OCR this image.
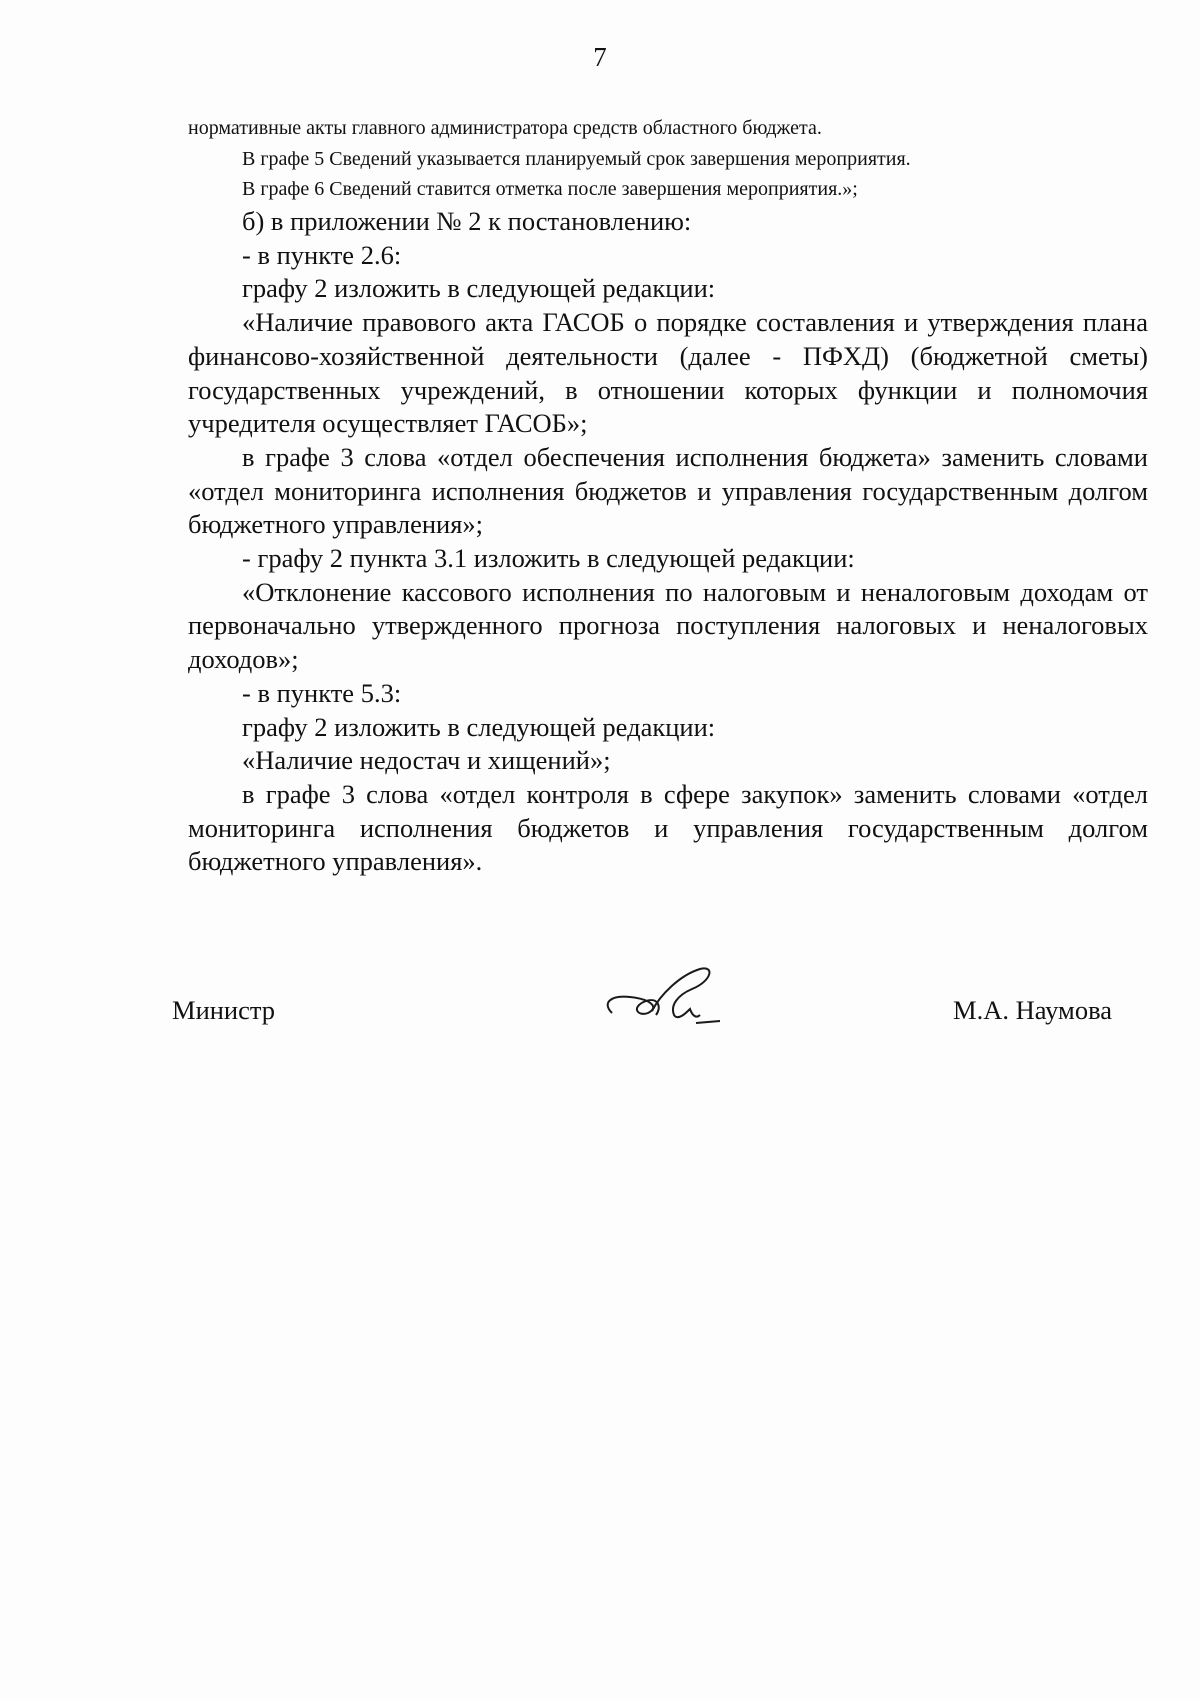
7
нормативные акты главного администратора средств областного бюджета.
В графе 5 Сведений указывается планируемый срок завершения мероприятия.
В графе 6 Сведений ставится отметка после завершения мероприятия.»;

б) в приложении № 2 к постановлению:

- в пункте 2.6:

графу 2 изложить в следующей редакции:

«Наличие правового акта ГАСОБ о порядке составления и утверждения плана финансово-хозяйственной деятельности (далее - ПФХД) (бюджетной сметы) государственных учреждений, в отношении которых функции и полномочия учредителя осуществляет ГАСОБ»;

в графе 3 слова «отдел обеспечения исполнения бюджета» заменить словами «отдел мониторинга исполнения бюджетов и управления государственным долгом бюджетного управления»;

- графу 2 пункта 3.1 изложить в следующей редакции:

«Отклонение кассового исполнения по налоговым и неналоговым доходам от первоначально утвержденного прогноза поступления налоговых и неналоговых доходов»;

- в пункте 5.3:

графу 2 изложить в следующей редакции:

«Наличие недостач и хищений»;

в графе 3 слова «отдел контроля в сфере закупок» заменить словами «отдел мониторинга исполнения бюджетов и управления государственным долгом бюджетного управления».

Министр	М.А. Наумова
